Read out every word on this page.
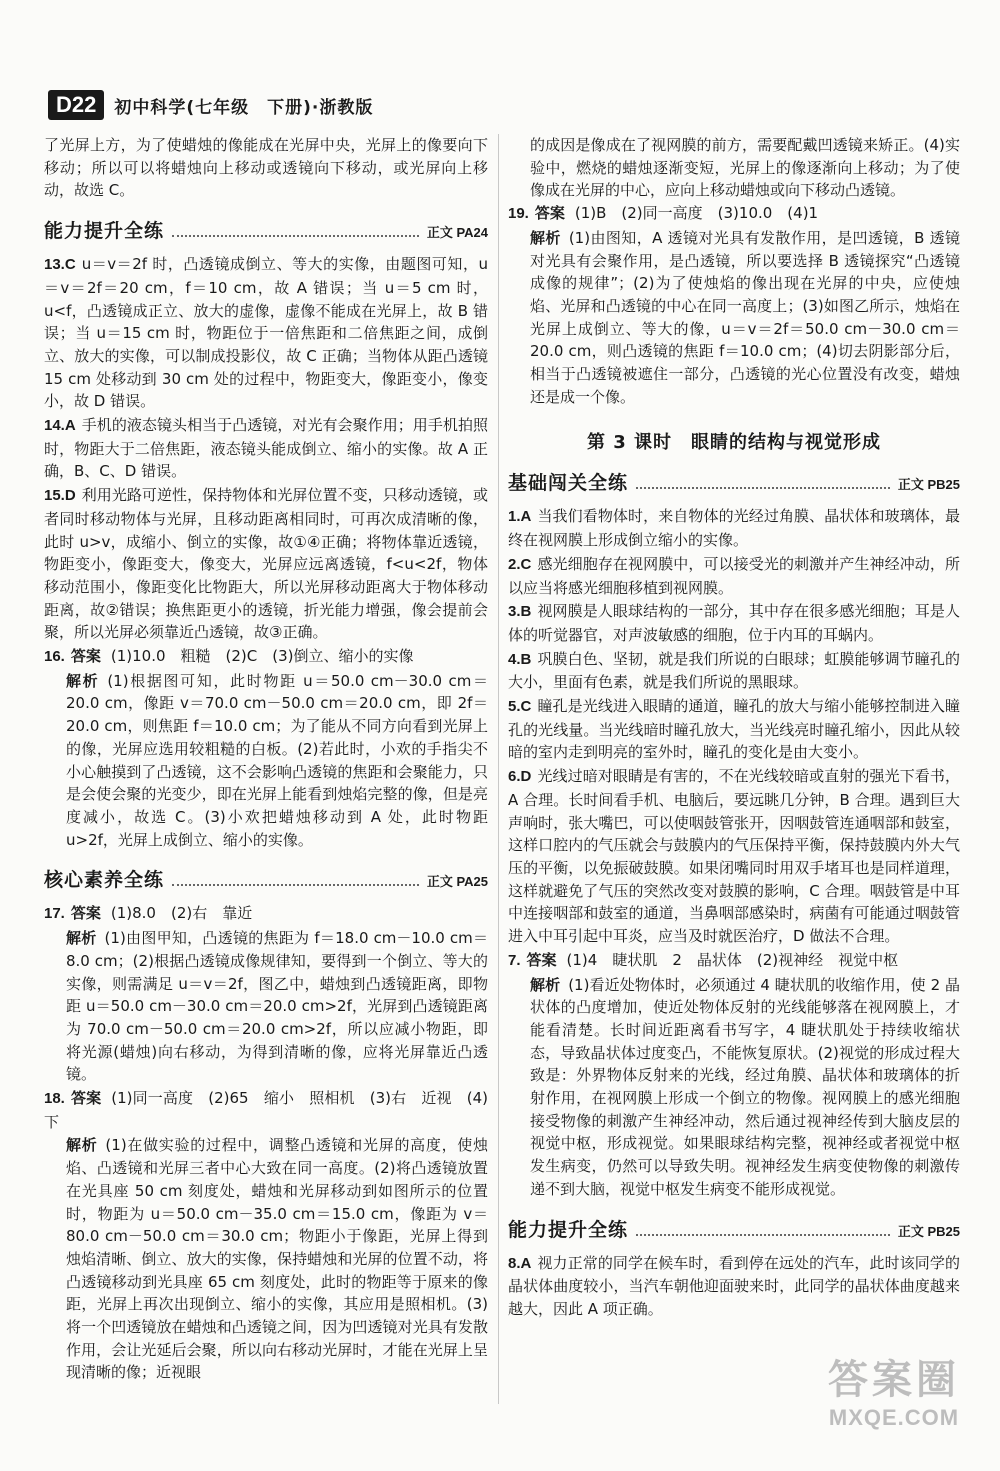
D22	初中科学(七年级　下册)·浙教版

了光屏上方，为了使蜡烛的像能成在光屏中央，光屏上的像要向下移动；所以可以将蜡烛向上移动或透镜向下移动，或光屏向上移动，故选 C。

能力提升全练	正文 PA24

13.C u＝v＝2f 时，凸透镜成倒立、等大的实像，由题图可知，u＝v＝2f＝20 cm，f＝10 cm，故 A 错误；当 u＝5 cm 时，u<f，凸透镜成正立、放大的虚像，虚像不能成在光屏上，故 B 错误；当 u＝15 cm 时，物距位于一倍焦距和二倍焦距之间，成倒立、放大的实像，可以制成投影仪，故 C 正确；当物体从距凸透镜 15 cm 处移动到 30 cm 处的过程中，物距变大，像距变小，像变小，故 D 错误。

14.A 手机的液态镜头相当于凸透镜，对光有会聚作用；用手机拍照时，物距大于二倍焦距，液态镜头能成倒立、缩小的实像。故 A 正确，B、C、D 错误。

15.D 利用光路可逆性，保持物体和光屏位置不变，只移动透镜，或者同时移动物体与光屏，且移动距离相同时，可再次成清晰的像，此时 u>v，成缩小、倒立的实像，故①④正确；将物体靠近透镜，物距变小，像距变大，像变大，光屏应远离透镜，f<u<2f，物体移动范围小，像距变化比物距大，所以光屏移动距离大于物体移动距离，故②错误；换焦距更小的透镜，折光能力增强，像会提前会聚，所以光屏必须靠近凸透镜，故③正确。

16. 答案 (1)10.0　粗糙　(2)C　(3)倒立、缩小的实像

解析 (1)根据图可知，此时物距 u＝50.0 cm－30.0 cm＝20.0 cm，像距 v＝70.0 cm－50.0 cm＝20.0 cm，即 2f＝20.0 cm，则焦距 f＝10.0 cm；为了能从不同方向看到光屏上的像，光屏应选用较粗糙的白板。(2)若此时，小欢的手指尖不小心触摸到了凸透镜，这不会影响凸透镜的焦距和会聚能力，只是会使会聚的光变少，即在光屏上能看到烛焰完整的像，但是亮度减小，故选 C。(3)小欢把蜡烛移动到 A 处，此时物距 u>2f，光屏上成倒立、缩小的实像。

核心素养全练	正文 PA25

17. 答案 (1)8.0　(2)右　靠近

解析 (1)由图甲知，凸透镜的焦距为 f＝18.0 cm－10.0 cm＝8.0 cm；(2)根据凸透镜成像规律知，要得到一个倒立、等大的实像，则需满足 u＝v＝2f，图乙中，蜡烛到凸透镜距离，即物距 u＝50.0 cm－30.0 cm＝20.0 cm>2f，光屏到凸透镜距离为 70.0 cm－50.0 cm＝20.0 cm>2f，所以应减小物距，即将光源(蜡烛)向右移动，为得到清晰的像，应将光屏靠近凸透镜。

18. 答案 (1)同一高度　(2)65　缩小　照相机　(3)右　近视　(4)下

解析 (1)在做实验的过程中，调整凸透镜和光屏的高度，使烛焰、凸透镜和光屏三者中心大致在同一高度。(2)将凸透镜放置在光具座 50 cm 刻度处，蜡烛和光屏移动到如图所示的位置时，物距为 u＝50.0 cm－35.0 cm＝15.0 cm，像距为 v＝80.0 cm－50.0 cm＝30.0 cm；物距小于像距，光屏上得到烛焰清晰、倒立、放大的实像，保持蜡烛和光屏的位置不动，将凸透镜移动到光具座 65 cm 刻度处，此时的物距等于原来的像距，光屏上再次出现倒立、缩小的实像，其应用是照相机。(3)将一个凹透镜放在蜡烛和凸透镜之间，因为凹透镜对光具有发散作用，会让光延后会聚，所以向右移动光屏时，才能在光屏上呈现清晰的像；近视眼

的成因是像成在了视网膜的前方，需要配戴凹透镜来矫正。(4)实验中，燃烧的蜡烛逐渐变短，光屏上的像逐渐向上移动；为了使像成在光屏的中心，应向上移动蜡烛或向下移动凸透镜。

19. 答案 (1)B　(2)同一高度　(3)10.0　(4)1

解析 (1)由图知，A 透镜对光具有发散作用，是凹透镜，B 透镜对光具有会聚作用，是凸透镜，所以要选择 B 透镜探究“凸透镜成像的规律”；(2)为了使烛焰的像出现在光屏的中央，应使烛焰、光屏和凸透镜的中心在同一高度上；(3)如图乙所示，烛焰在光屏上成倒立、等大的像，u＝v＝2f＝50.0 cm－30.0 cm＝20.0 cm，则凸透镜的焦距 f＝10.0 cm；(4)切去阴影部分后，相当于凸透镜被遮住一部分，凸透镜的光心位置没有改变，蜡烛还是成一个像。

第 3 课时　眼睛的结构与视觉形成
基础闯关全练	正文 PB25

1.A 当我们看物体时，来自物体的光经过角膜、晶状体和玻璃体，最终在视网膜上形成倒立缩小的实像。

2.C 感光细胞存在视网膜中，可以接受光的刺激并产生神经冲动，所以应当将感光细胞移植到视网膜。

3.B 视网膜是人眼球结构的一部分，其中存在很多感光细胞；耳是人体的听觉器官，对声波敏感的细胞，位于内耳的耳蜗内。

4.B 巩膜白色、坚韧，就是我们所说的白眼球；虹膜能够调节瞳孔的大小，里面有色素，就是我们所说的黑眼球。

5.C 瞳孔是光线进入眼睛的通道，瞳孔的放大与缩小能够控制进入瞳孔的光线量。当光线暗时瞳孔放大，当光线亮时瞳孔缩小，因此从较暗的室内走到明亮的室外时，瞳孔的变化是由大变小。

6.D 光线过暗对眼睛是有害的，不在光线较暗或直射的强光下看书，A 合理。长时间看手机、电脑后，要远眺几分钟，B 合理。遇到巨大声响时，张大嘴巴，可以使咽鼓管张开，因咽鼓管连通咽部和鼓室，这样口腔内的气压就会与鼓膜内的气压保持平衡，保持鼓膜内外大气压的平衡，以免振破鼓膜。如果闭嘴同时用双手堵耳也是同样道理，这样就避免了气压的突然改变对鼓膜的影响，C 合理。咽鼓管是中耳中连接咽部和鼓室的通道，当鼻咽部感染时，病菌有可能通过咽鼓管进入中耳引起中耳炎，应当及时就医治疗，D 做法不合理。

7. 答案 (1)4　睫状肌　2　晶状体　(2)视神经　视觉中枢

解析 (1)看近处物体时，必须通过 4 睫状肌的收缩作用，使 2 晶状体的凸度增加，使近处物体反射的光线能够落在视网膜上，才能看清楚。长时间近距离看书写字，4 睫状肌处于持续收缩状态，导致晶状体过度变凸，不能恢复原状。(2)视觉的形成过程大致是：外界物体反射来的光线，经过角膜、晶状体和玻璃体的折射作用，在视网膜上形成一个倒立的物像。视网膜上的感光细胞接受物像的刺激产生神经冲动，然后通过视神经传到大脑皮层的视觉中枢，形成视觉。如果眼球结构完整，视神经或者视觉中枢发生病变，仍然可以导致失明。视神经发生病变使物像的刺激传递不到大脑，视觉中枢发生病变不能形成视觉。

能力提升全练	正文 PB25

8.A 视力正常的同学在候车时，看到停在远处的汽车，此时该同学的晶状体曲度较小，当汽车朝他迎面驶来时，此同学的晶状体曲度越来越大，因此 A 项正确。

答案圈
MXQE.COM
